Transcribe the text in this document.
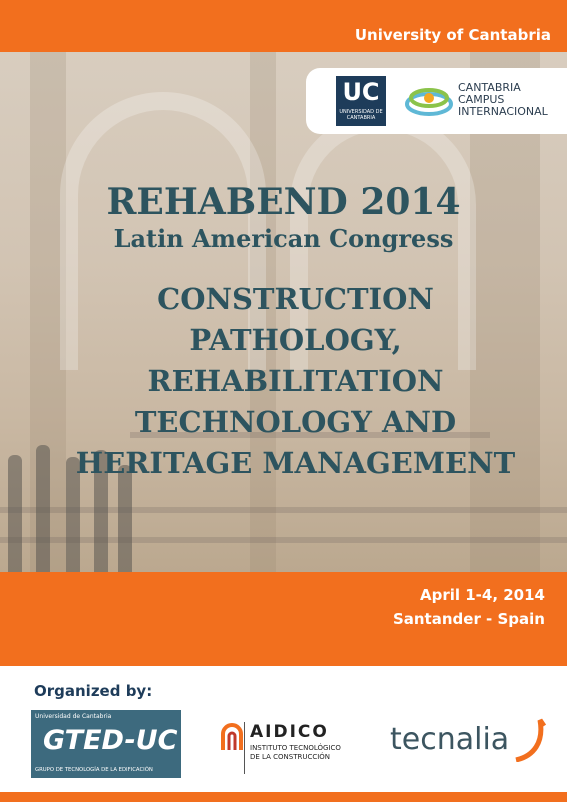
University of Cantabria
UC
UNIVERSIDAD DE CANTABRIA
CANTABRIA
CAMPUS
INTERNACIONAL
REHABEND 2014
Latin American Congress
CONSTRUCTION
PATHOLOGY,
REHABILITATION
TECHNOLOGY AND
HERITAGE MANAGEMENT
April 1-4, 2014
Santander - Spain
Organized by:
Universidad de Cantabria
GTED-UC
GRUPO DE TECNOLOGÍA DE LA EDIFICACIÓN
AIDICO
INSTITUTO TECNOLÓGICO
DE LA CONSTRUCCIÓN	tecnalia
